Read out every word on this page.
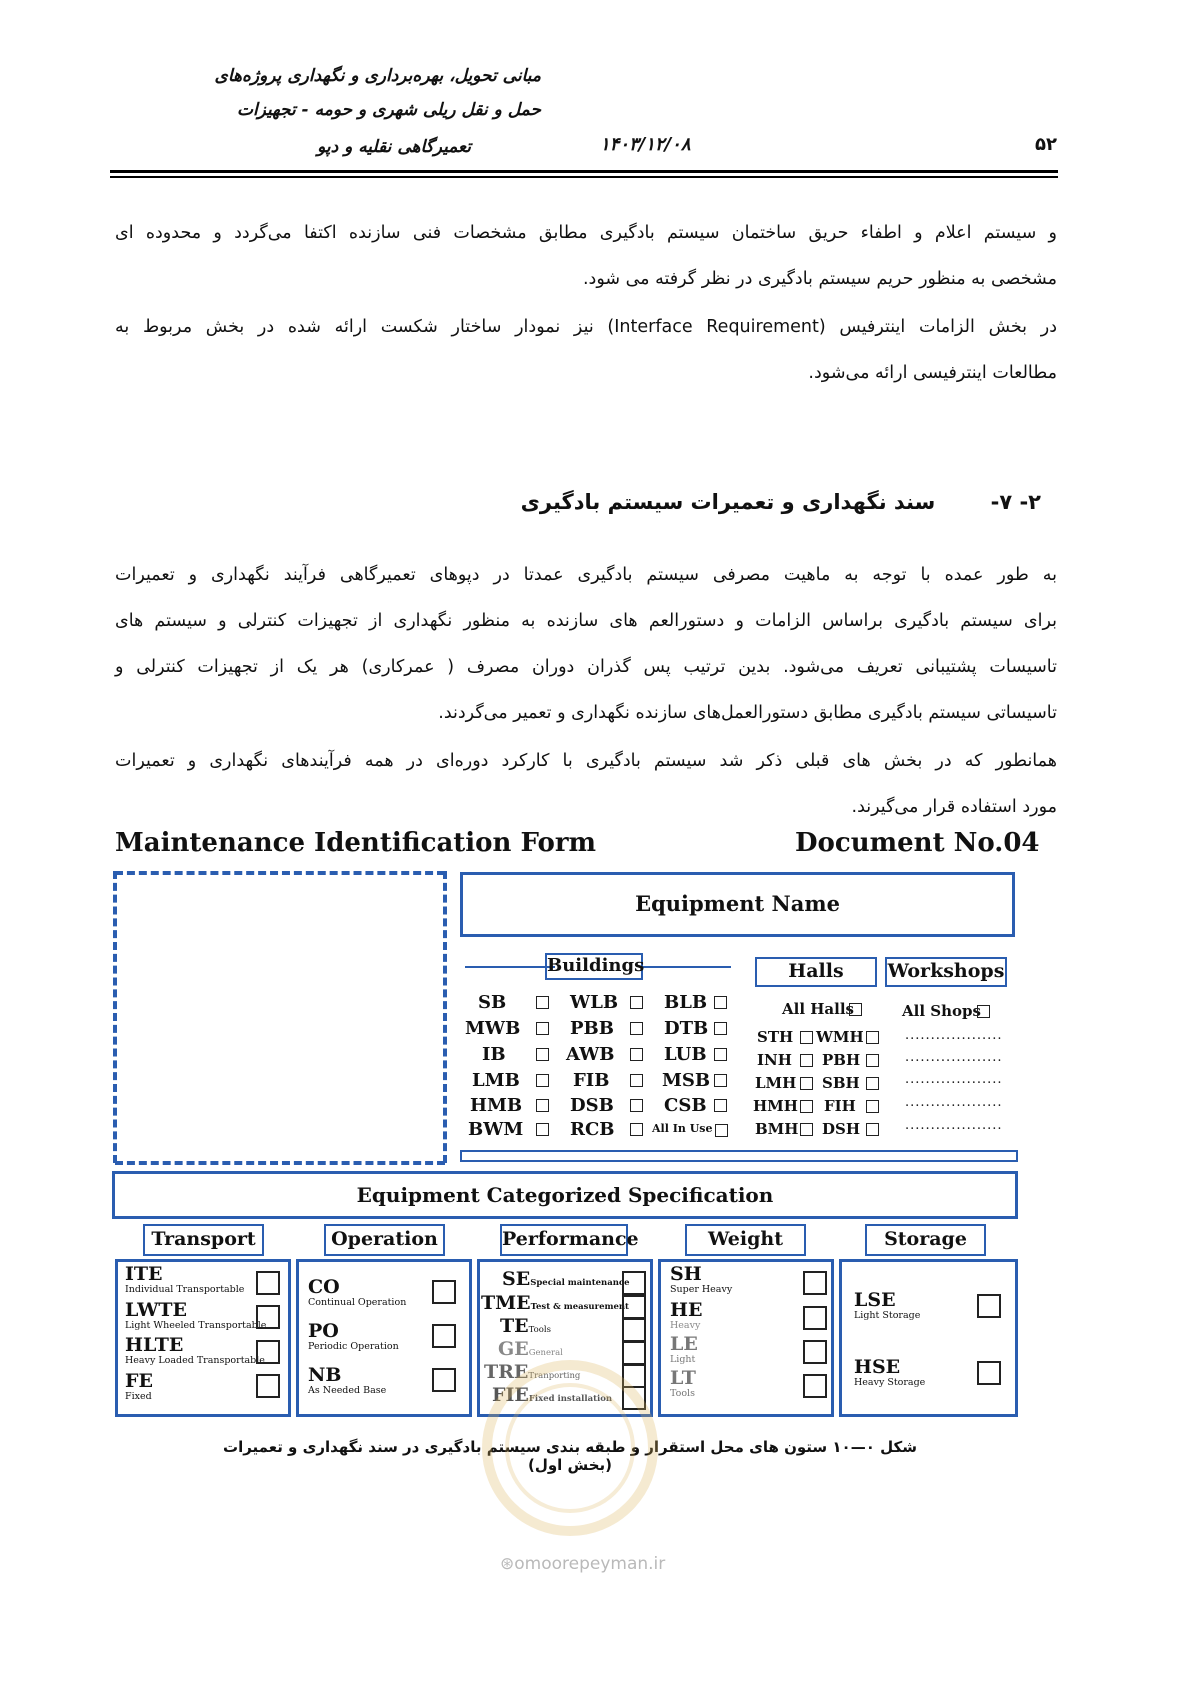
مبانی تحویل، بهره‌برداری و نگهداری پروژه‌های
حمل و نقل ریلی شهری و حومه - تجهیزات
تعمیرگاهی نقلیه و دپو	۱۴۰۳/۱۲/۰۸	۵۲
و سیستم اعلام و اطفاء حریق ساختمان سیستم بادگیری مطابق مشخصات فنی سازنده اکتفا می‌گردد و محدوده ای
مشخصی به منظور حریم سیستم بادگیری در نظر گرفته می شود.
در بخش الزامات اینترفیس (Interface Requirement) نیز نمودار ساختار شکست ارائه شده در بخش مربوط به
مطالعات اینترفیسی ارائه می‌شود.
۲- ۷- سند نگهداری و تعمیرات سیستم بادگیری
به طور عمده با توجه به ماهیت مصرفی سیستم بادگیری عمدتا در دپوهای تعمیرگاهی فرآیند نگهداری و تعمیرات
برای سیستم بادگیری براساس الزامات و دستورالعم های سازنده به منظور نگهداری از تجهیزات کنترلی و سیستم های
تاسیسات پشتیبانی تعریف می‌شود. بدین ترتیب پس گذران دوران مصرف ( عمرکاری) هر یک از تجهیزات کنترلی و
تاسیساتی سیستم بادگیری مطابق دستورالعمل‌های سازنده نگهداری و تعمیر می‌گردند.
همانطور که در بخش های قبلی ذکر شد سیستم بادگیری با کارکرد دوره‌ای در همه فرآیندهای نگهداری و تعمیرات
مورد استفاده قرار می‌گیرند.
Maintenance Identification Form	Document No.04
Equipment Name
Buildings	Halls	Workshops
SB	WLB	BLB
MWB	PBB	DTB
IB	AWB	LUB
LMB	FIB	MSB
HMB	DSB	CSB
BWM	RCB	All In Use
All Halls
STH WMH
INH PBH
LMH SBH
HMH FIH
BMH DSH
All Shops
...................
...................
...................
...................
...................
Equipment Categorized Specification
Transport	Operation	Performance	Weight	Storage
ITE
Individual Transportable
LWTE
Light Wheeled Transportable
HLTE
Heavy Loaded Transportable
FE
Fixed
CO
Continual Operation
PO
Periodic Operation
NB
As Needed Base
SESpecial maintenance
TMETest & measurement
TETools
GEGeneral
TRETranporting
FIEFixed installation
SH
Super Heavy
HE
Heavy
LE
Light
LT
Tools
LSE
Light Storage
HSE
Heavy Storage
شکل ۰—۱۰ ستون های محل استقرار و طبقه بندی سیستم بادگیری در سند نگهداری و تعمیرات (بخش اول)
⊛omoorepeyman.ir
